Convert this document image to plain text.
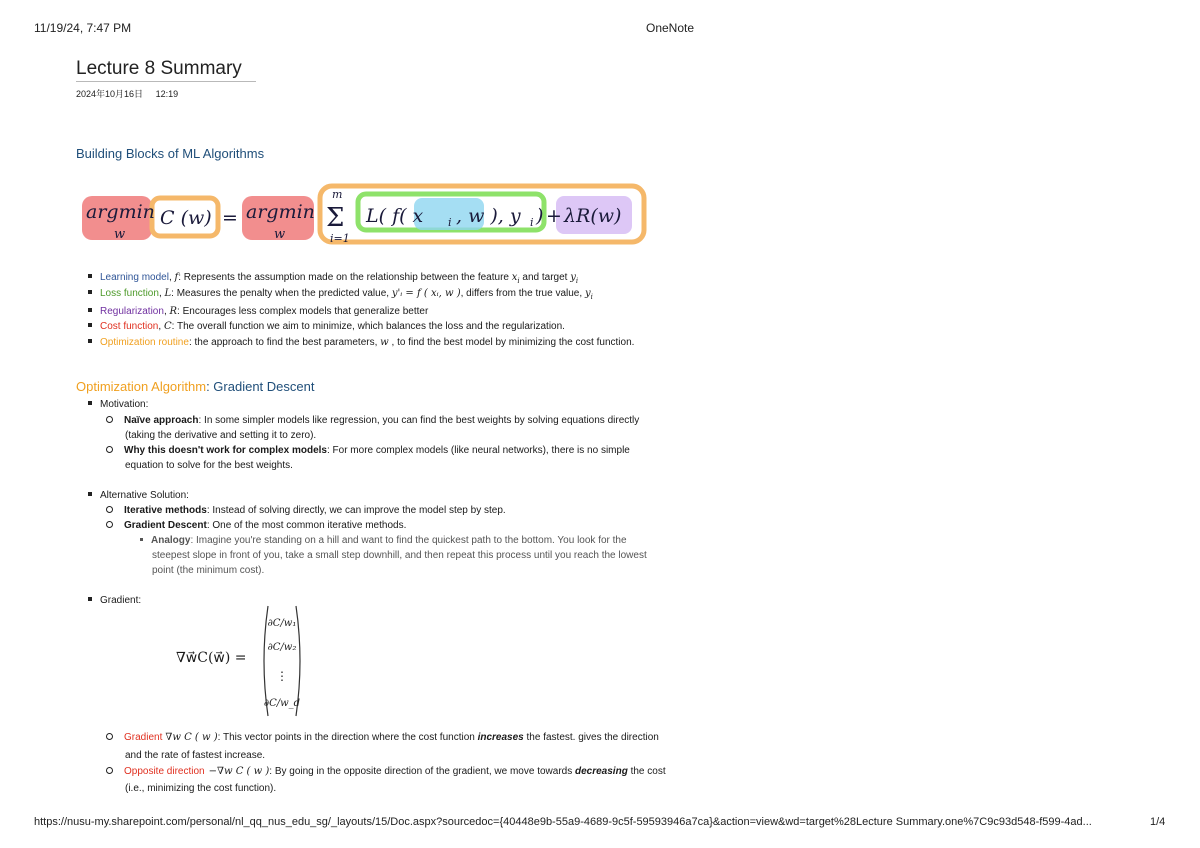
11/19/24, 7:47 PM	OneNote
Lecture 8 Summary
2024年10月16日 12:19
Building Blocks of ML Algorithms
argmin
w
C (w) = argmin
w
m
Σ
i=1
L( f( x i , w ), y i ) + λR(w)
Learning model, f: Represents the assumption made on the relationship between the feature $x_i$ and target $y_i$
Loss function, L: Measures the penalty when the predicted value, y'ᵢ = f ( xᵢ, w ), differs from the true value, $y_i$
Regularization, R: Encourages less complex models that generalize better
Cost function, C: The overall function we aim to minimize, which balances the loss and the regularization.
Optimization routine: the approach to find the best parameters, w , to find the best model by minimizing the cost function.
Optimization Algorithm: Gradient Descent
Motivation:
Naïve approach: In some simpler models like regression, you can find the best weights by solving equations directly
(taking the derivative and setting it to zero).
Why this doesn't work for complex models: For more complex models (like neural networks), there is no simple
equation to solve for the best weights.
Alternative Solution:
Iterative methods: Instead of solving directly, we can improve the model step by step.
Gradient Descent: One of the most common iterative methods.
Analogy: Imagine you're standing on a hill and want to find the quickest path to the bottom. You look for the
steepest slope in front of you, take a small step downhill, and then repeat this process until you reach the lowest
point (the minimum cost).
Gradient:
∇w⃗C(w⃗) =
∂C/w₁
∂C/w₂
⋮
∂C/w_d
Gradient ∇w C ( w ): This vector points in the direction where the cost function increases the fastest. gives the direction
and the rate of fastest increase.
Opposite direction −∇w C ( w ): By going in the opposite direction of the gradient, we move towards decreasing the cost
(i.e., minimizing the cost function).
https://nusu-my.sharepoint.com/personal/nl_qq_nus_edu_sg/_layouts/15/Doc.aspx?sourcedoc={40448e9b-55a9-4689-9c5f-59593946a7ca}&action=view&wd=target%28Lecture Summary.one%7C9c93d548-f599-4ad...	1/4
